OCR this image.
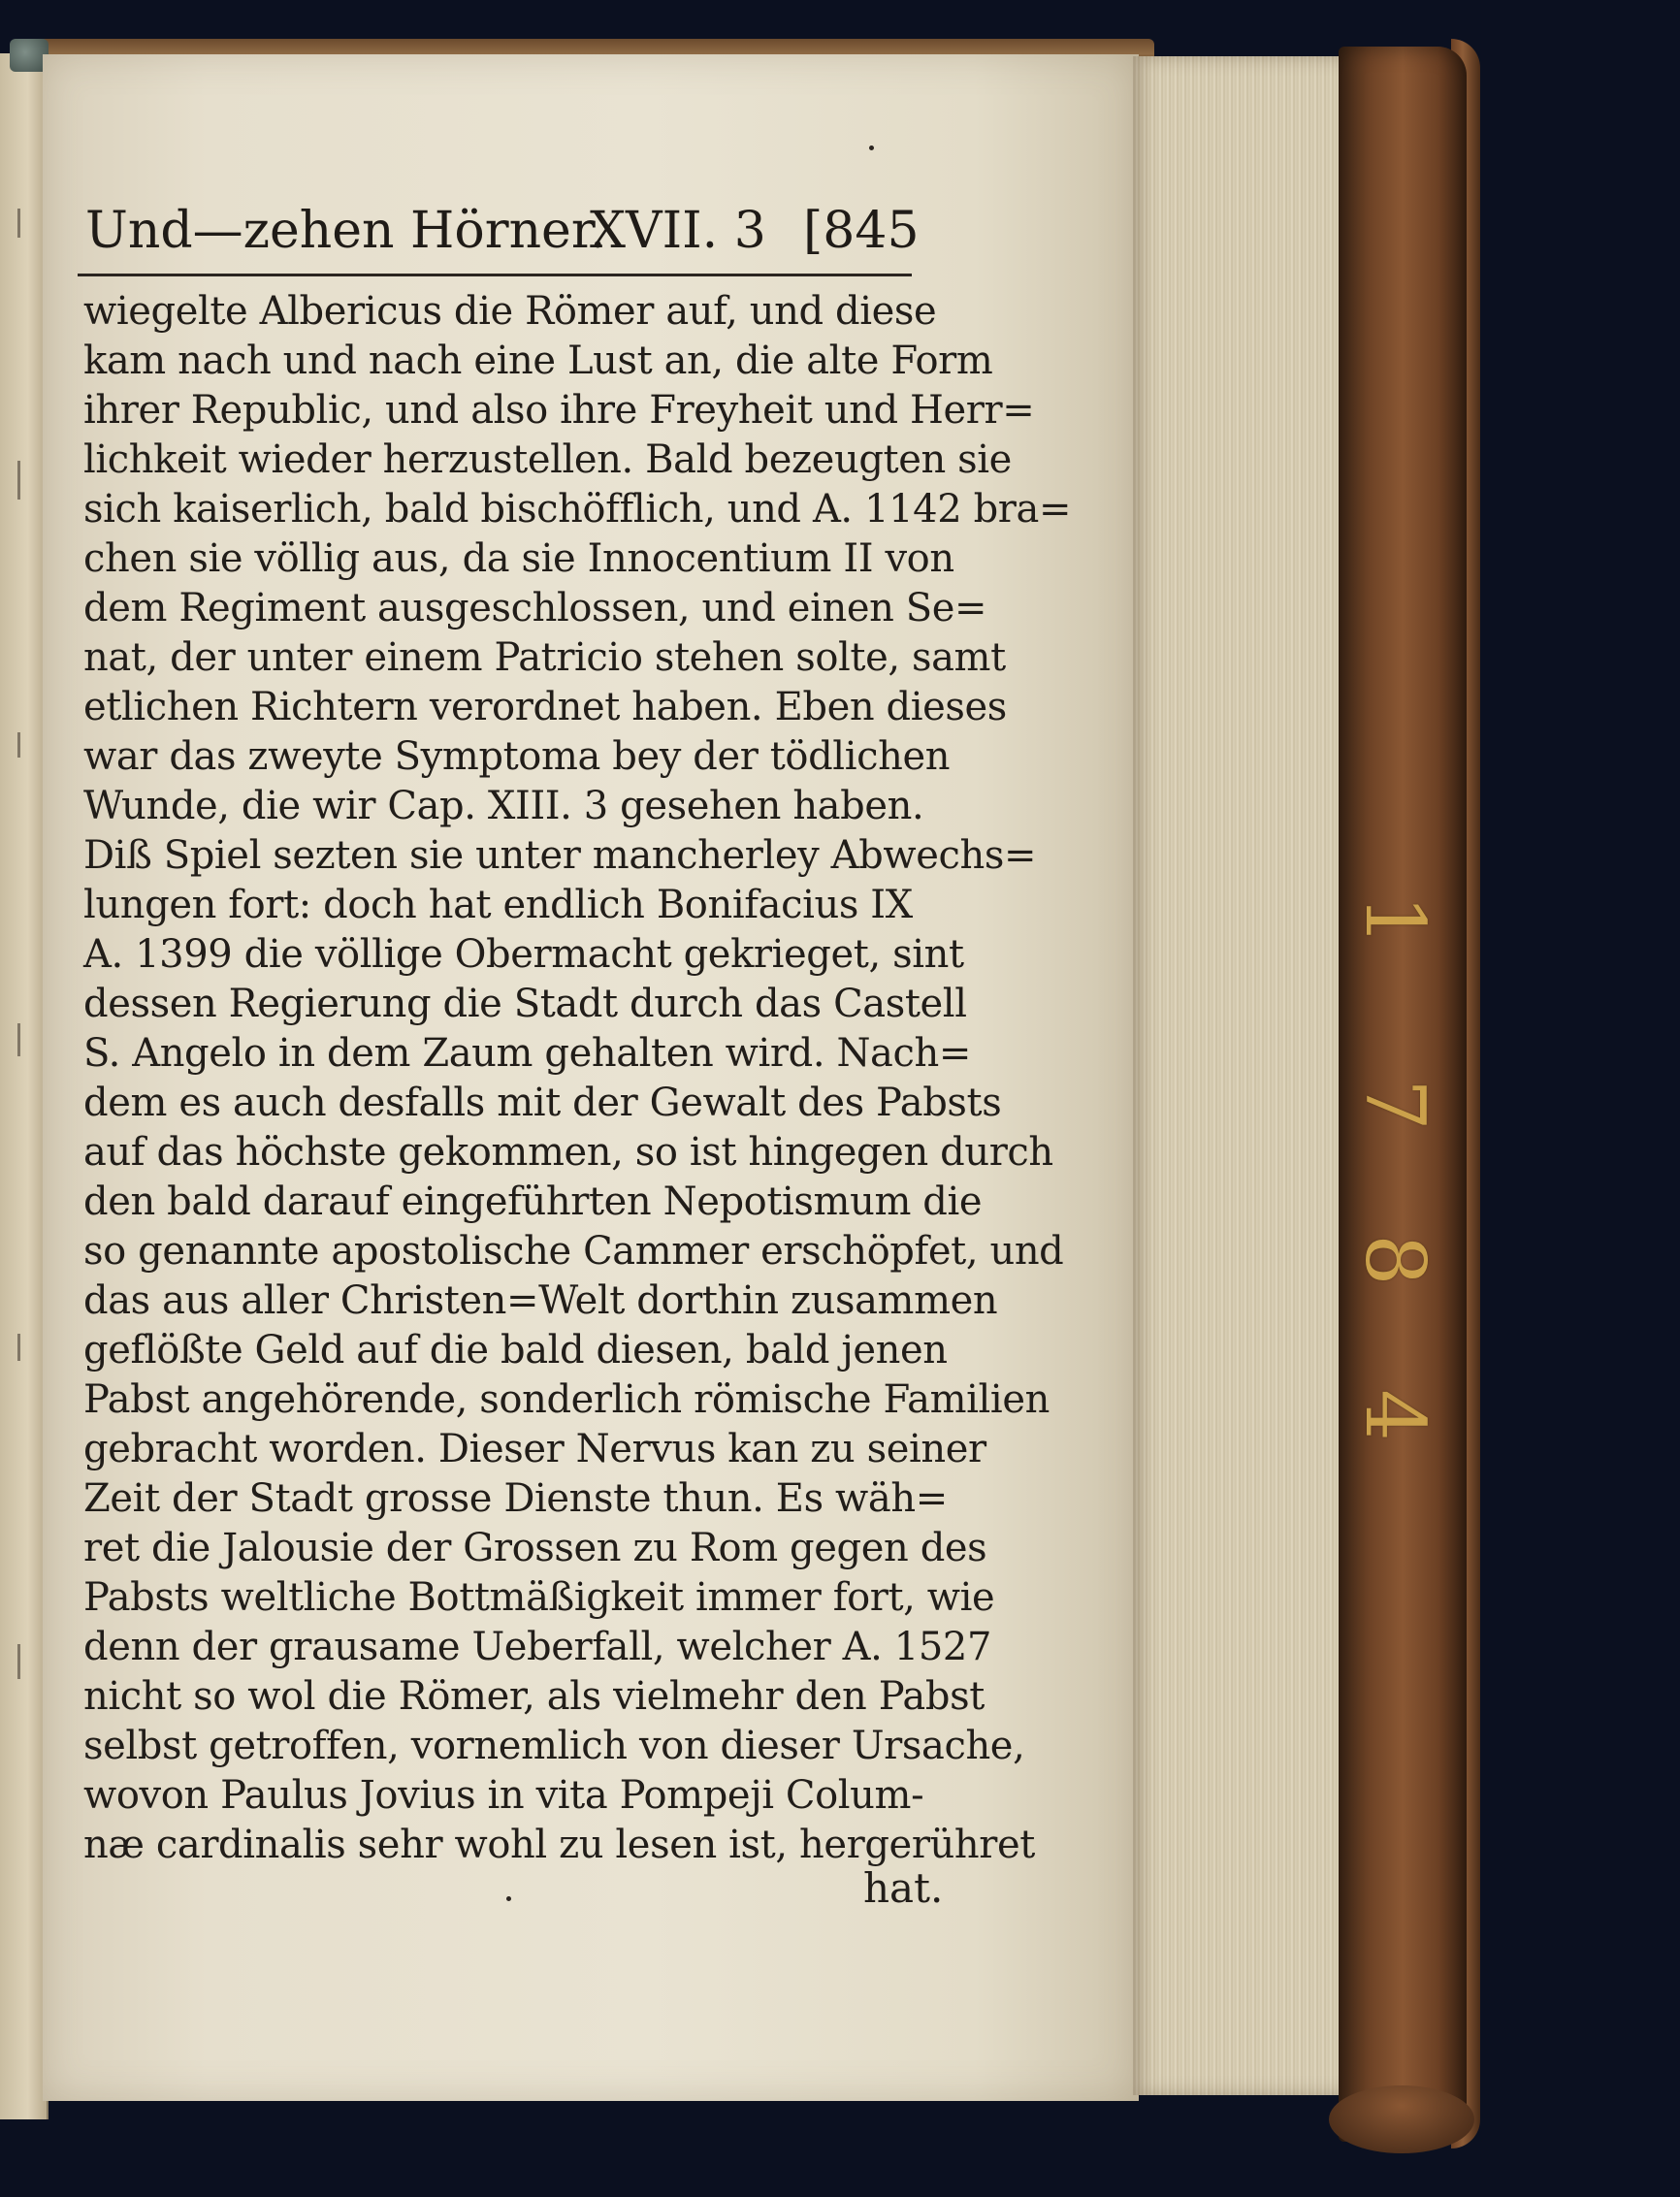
1
7
8
4
Und—zehen Hörner.
XVII. 3 [845
wiegelte Albericus die Römer auf, und diese
kam nach und nach eine Lust an, die alte Form
ihrer Republic, und also ihre Freyheit und Herr=
lichkeit wieder herzustellen. Bald bezeugten sie
sich kaiserlich, bald bischöfflich, und A. 1142 bra=
chen sie völlig aus, da sie Innocentium II von
dem Regiment ausgeschlossen, und einen Se=
nat, der unter einem Patricio stehen solte, samt
etlichen Richtern verordnet haben. Eben dieses
war das zweyte Symptoma bey der tödlichen
Wunde, die wir Cap. XIII. 3 gesehen haben.
Diß Spiel sezten sie unter mancherley Abwechs=
lungen fort: doch hat endlich Bonifacius IX
A. 1399 die völlige Obermacht gekrieget, sint
dessen Regierung die Stadt durch das Castell
S. Angelo in dem Zaum gehalten wird. Nach=
dem es auch desfalls mit der Gewalt des Pabsts
auf das höchste gekommen, so ist hingegen durch
den bald darauf eingeführten Nepotismum die
so genannte apostolische Cammer erschöpfet, und
das aus aller Christen=Welt dorthin zusammen
geflößte Geld auf die bald diesen, bald jenen
Pabst angehörende, sonderlich römische Familien
gebracht worden. Dieser Nervus kan zu seiner
Zeit der Stadt grosse Dienste thun. Es wäh=
ret die Jalousie der Grossen zu Rom gegen des
Pabsts weltliche Bottmäßigkeit immer fort, wie
denn der grausame Ueberfall, welcher A. 1527
nicht so wol die Römer, als vielmehr den Pabst
selbst getroffen, vornemlich von dieser Ursache,
wovon Paulus Jovius in vita Pompeji Colum-
næ cardinalis sehr wohl zu lesen ist, hergerühret
hat.
